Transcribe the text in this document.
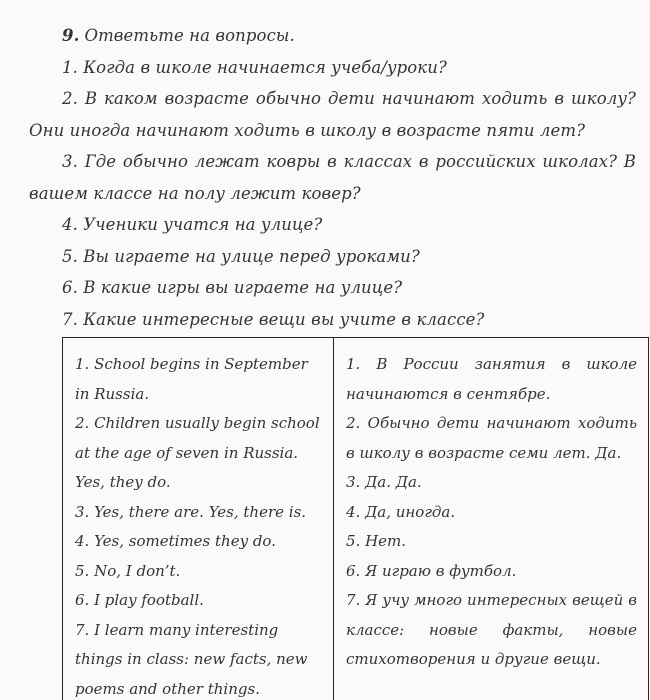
9. Ответьте на вопросы.

1. Когда в школе начинается учеба/уроки?

2. В каком возрасте обычно дети начинают ходить в школу? Они иногда начинают ходить в школу в возрасте пяти лет?

3. Где обычно лежат ковры в классах в российских школах? В вашем классе на полу лежит ковер?

4. Ученики учатся на улице?

5. Вы играете на улице перед уроками?

6. В какие игры вы играете на улице?

7. Какие интересные вещи вы учите в классе?

1. School begins in September in Russia.

2. Children usually begin school at the age of seven in Russia. Yes, they do.

3. Yes, there are. Yes, there is.

4. Yes, sometimes they do.

5. No, I don’t.

6. I play football.

7. I learn many interesting things in class: new facts, new poems and other things.

1. В России занятия в школе начинаются в сентябре.

2. Обычно дети начинают ходить в школу в возрасте семи лет. Да.

3. Да. Да.

4. Да, иногда.

5. Нет.

6. Я играю в футбол.

7. Я учу много интересных вещей в классе: новые факты, новые стихотворения и другие вещи.
